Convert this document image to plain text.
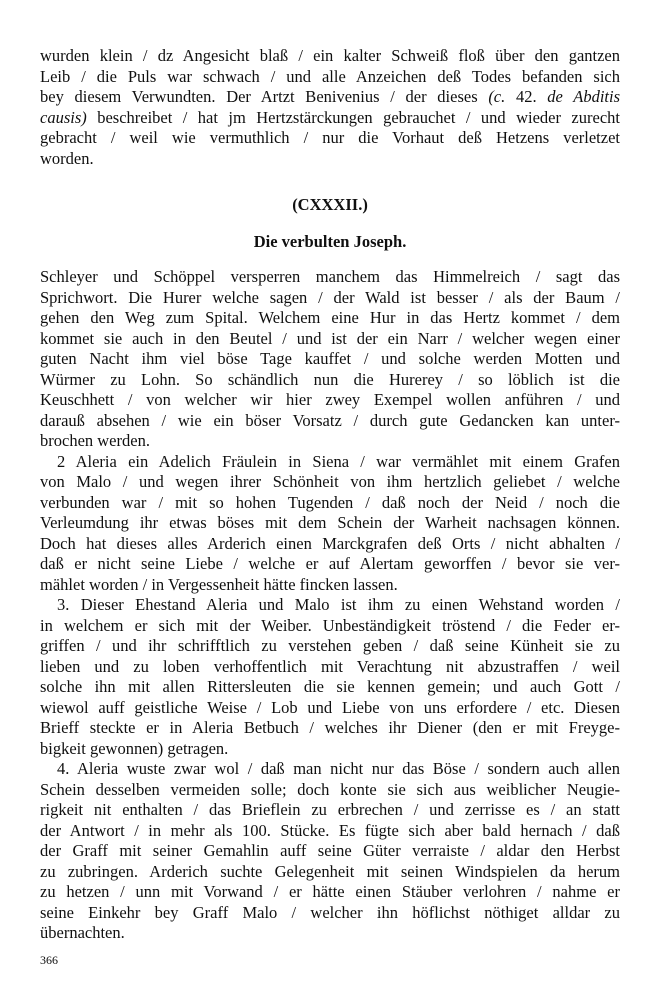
wurden klein / dz Angesicht blaß / ein kalter Schweiß floß über den gantzen
Leib / die Puls war schwach / und alle Anzeichen deß Todes befanden sich
bey diesem Verwundten. Der Artzt Benivenius / der dieses (c. 42. de Abditis
causis) beschreibet / hat jm Hertzstärckungen gebrauchet / und wieder zurecht
gebracht / weil wie vermuthlich / nur die Vorhaut deß Hetzens verletzet
worden.
(CXXXII.)
Die verbulten Joseph.
Schleyer und Schöppel versperren manchem das Himmelreich / sagt das
Sprichwort. Die Hurer welche sagen / der Wald ist besser / als der Baum /
gehen den Weg zum Spital. Welchem eine Hur in das Hertz kommet / dem
kommet sie auch in den Beutel / und ist der ein Narr / welcher wegen einer
guten Nacht ihm viel böse Tage kauffet / und solche werden Motten und
Würmer zu Lohn. So schändlich nun die Hurerey / so löblich ist die
Keuschhett / von welcher wir hier zwey Exempel wollen anführen / und
darauß absehen / wie ein böser Vorsatz / durch gute Gedancken kan unter-
brochen werden.
2 Aleria ein Adelich Fräulein in Siena / war vermählet mit einem Grafen
von Malo / und wegen ihrer Schönheit von ihm hertzlich geliebet / welche
verbunden war / mit so hohen Tugenden / daß noch der Neid / noch die
Verleumdung ihr etwas böses mit dem Schein der Warheit nachsagen können.
Doch hat dieses alles Arderich einen Marckgrafen deß Orts / nicht abhalten /
daß er nicht seine Liebe / welche er auf Alertam geworffen / bevor sie ver-
mählet worden / in Vergessenheit hätte fincken lassen.
3. Dieser Ehestand Aleria und Malo ist ihm zu einen Wehstand worden /
in welchem er sich mit der Weiber. Unbeständigkeit tröstend / die Feder er-
griffen / und ihr schrifftlich zu verstehen geben / daß seine Künheit sie zu
lieben und zu loben verhoffentlich mit Verachtung nit abzustraffen / weil
solche ihn mit allen Rittersleuten die sie kennen gemein; und auch Gott /
wiewol auff geistliche Weise / Lob und Liebe von uns erfordere / etc. Diesen
Brieff steckte er in Aleria Betbuch / welches ihr Diener (den er mit Freyge-
bigkeit gewonnen) getragen.
4. Aleria wuste zwar wol / daß man nicht nur das Böse / sondern auch allen
Schein desselben vermeiden solle; doch konte sie sich aus weiblicher Neugie-
rigkeit nit enthalten / das Brieflein zu erbrechen / und zerrisse es / an statt
der Antwort / in mehr als 100. Stücke. Es fügte sich aber bald hernach / daß
der Graff mit seiner Gemahlin auff seine Güter verraiste / aldar den Herbst
zu zubringen. Arderich suchte Gelegenheit mit seinen Windspielen da herum
zu hetzen / unn mit Vorwand / er hätte einen Stäuber verlohren / nahme er
seine Einkehr bey Graff Malo / welcher ihn höflichst nöthiget alldar zu
übernachten.
366
